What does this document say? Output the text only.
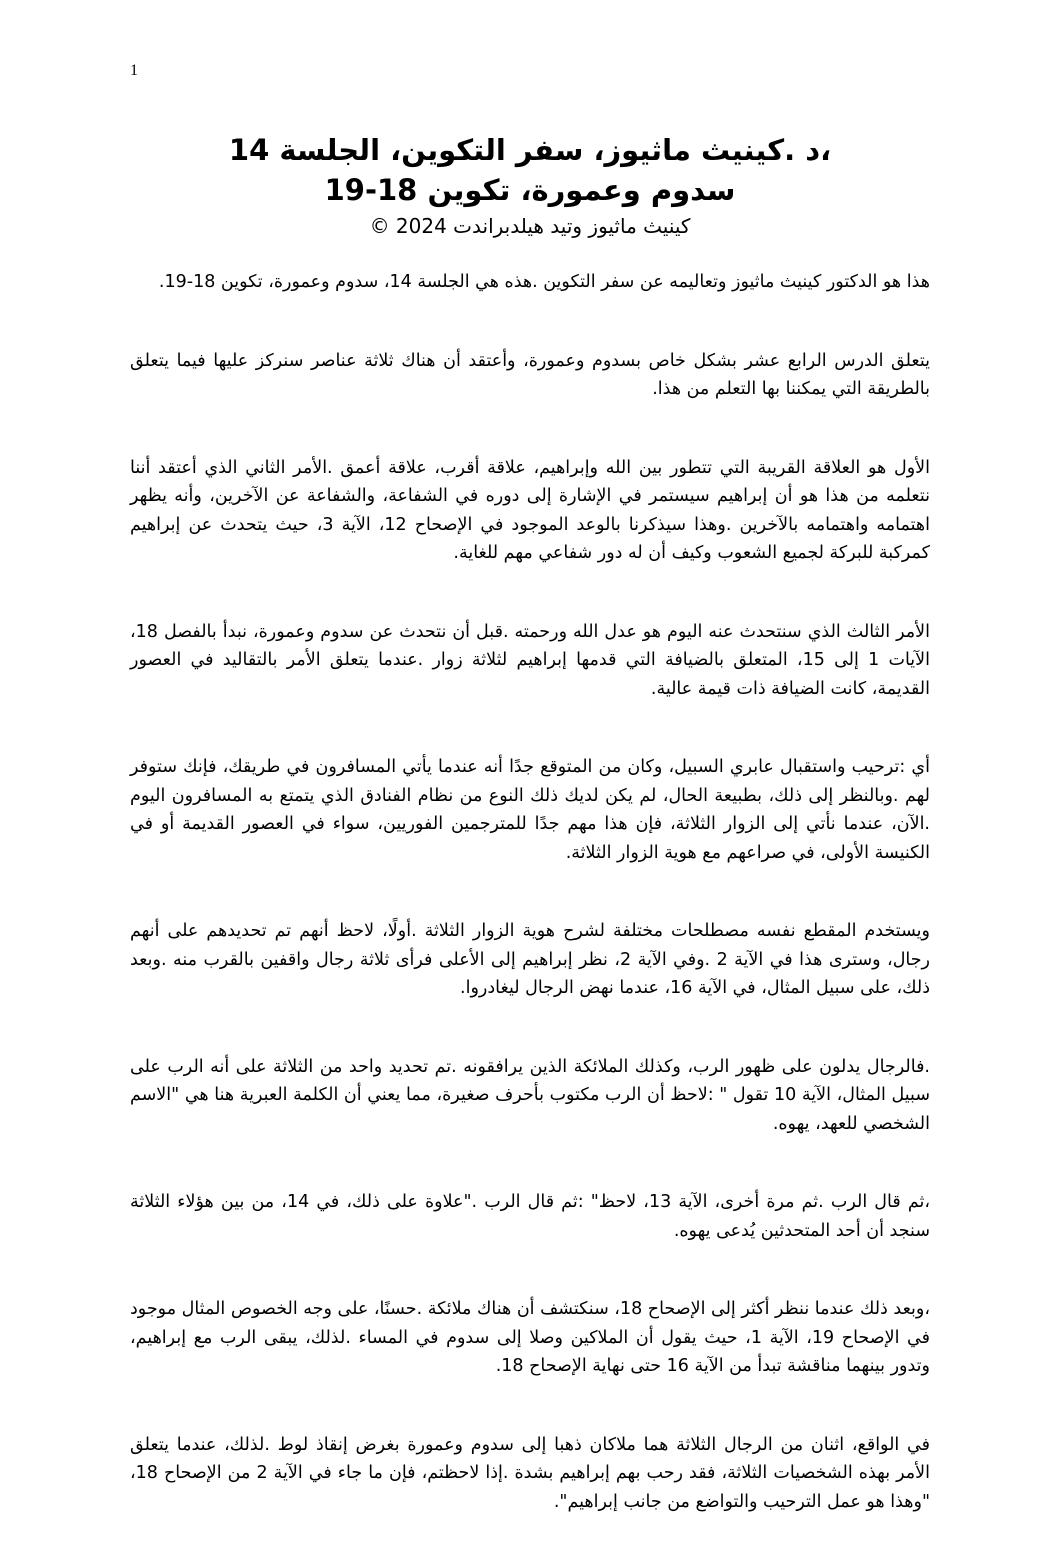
1

،د .كينيث ماثيوز، سفر التكوين، الجلسة 14

سدوم وعمورة، تكوين 18-19

كينيث ماثيوز وتيد هيلدبراندت 2024 ©

هذا هو الدكتور كينيث ماثيوز وتعاليمه عن سفر التكوين .هذه هي الجلسة 14، سدوم وعمورة، تكوين 18-19.

يتعلق الدرس الرابع عشر بشكل خاص بسدوم وعمورة، وأعتقد أن هناك ثلاثة عناصر سنركز عليها فيما يتعلق بالطريقة التي يمكننا بها التعلم من هذا.

الأول هو العلاقة القريبة التي تتطور بين الله وإبراهيم، علاقة أقرب، علاقة أعمق .الأمر الثاني الذي أعتقد أننا نتعلمه من هذا هو أن إبراهيم سيستمر في الإشارة إلى دوره في الشفاعة، والشفاعة عن الآخرين، وأنه يظهر اهتمامه واهتمامه بالآخرين .وهذا سيذكرنا بالوعد الموجود في الإصحاح 12، الآية 3، حيث يتحدث عن إبراهيم كمركبة للبركة لجميع الشعوب وكيف أن له دور شفاعي مهم للغاية.

الأمر الثالث الذي سنتحدث عنه اليوم هو عدل الله ورحمته .قبل أن نتحدث عن سدوم وعمورة، نبدأ بالفصل 18، الآيات 1 إلى 15، المتعلق بالضيافة التي قدمها إبراهيم لثلاثة زوار .عندما يتعلق الأمر بالتقاليد في العصور القديمة، كانت الضيافة ذات قيمة عالية.

أي :ترحيب واستقبال عابري السبيل، وكان من المتوقع جدًا أنه عندما يأتي المسافرون في طريقك، فإنك ستوفر لهم .وبالنظر إلى ذلك، بطبيعة الحال، لم يكن لديك ذلك النوع من نظام الفنادق الذي يتمتع به المسافرون اليوم .الآن، عندما نأتي إلى الزوار الثلاثة، فإن هذا مهم جدًا للمترجمين الفوريين، سواء في العصور القديمة أو في الكنيسة الأولى، في صراعهم مع هوية الزوار الثلاثة.

ويستخدم المقطع نفسه مصطلحات مختلفة لشرح هوية الزوار الثلاثة .أولًا، لاحظ أنهم تم تحديدهم على أنهم رجال، وسترى هذا في الآية 2 .وفي الآية 2، نظر إبراهيم إلى الأعلى فرأى ثلاثة رجال واقفين بالقرب منه .وبعد ذلك، على سبيل المثال، في الآية 16، عندما نهض الرجال ليغادروا.

.فالرجال يدلون على ظهور الرب، وكذلك الملائكة الذين يرافقونه .تم تحديد واحد من الثلاثة على أنه الرب على سبيل المثال، الآية 10 تقول " :لاحظ أن الرب مكتوب بأحرف صغيرة، مما يعني أن الكلمة العبرية هنا هي "الاسم الشخصي للعهد، يهوه.

،ثم قال الرب .ثم مرة أخرى، الآية 13، لاحظ" :ثم قال الرب ."علاوة على ذلك، في 14، من بين هؤلاء الثلاثة سنجد أن أحد المتحدثين يُدعى يهوه.

،وبعد ذلك عندما ننظر أكثر إلى الإصحاح 18، سنكتشف أن هناك ملائكة .حسنًا، على وجه الخصوص المثال موجود في الإصحاح 19، الآية 1، حيث يقول أن الملاكين وصلا إلى سدوم في المساء .لذلك، يبقى الرب مع إبراهيم، وتدور بينهما مناقشة تبدأ من الآية 16 حتى نهاية الإصحاح 18.

في الواقع، اثنان من الرجال الثلاثة هما ملاكان ذهبا إلى سدوم وعمورة بغرض إنقاذ لوط .لذلك، عندما يتعلق الأمر بهذه الشخصيات الثلاثة، فقد رحب بهم إبراهيم بشدة .إذا لاحظتم، فإن ما جاء في الآية 2 من الإصحاح 18، "وهذا هو عمل الترحيب والتواضع من جانب إبراهيم".
